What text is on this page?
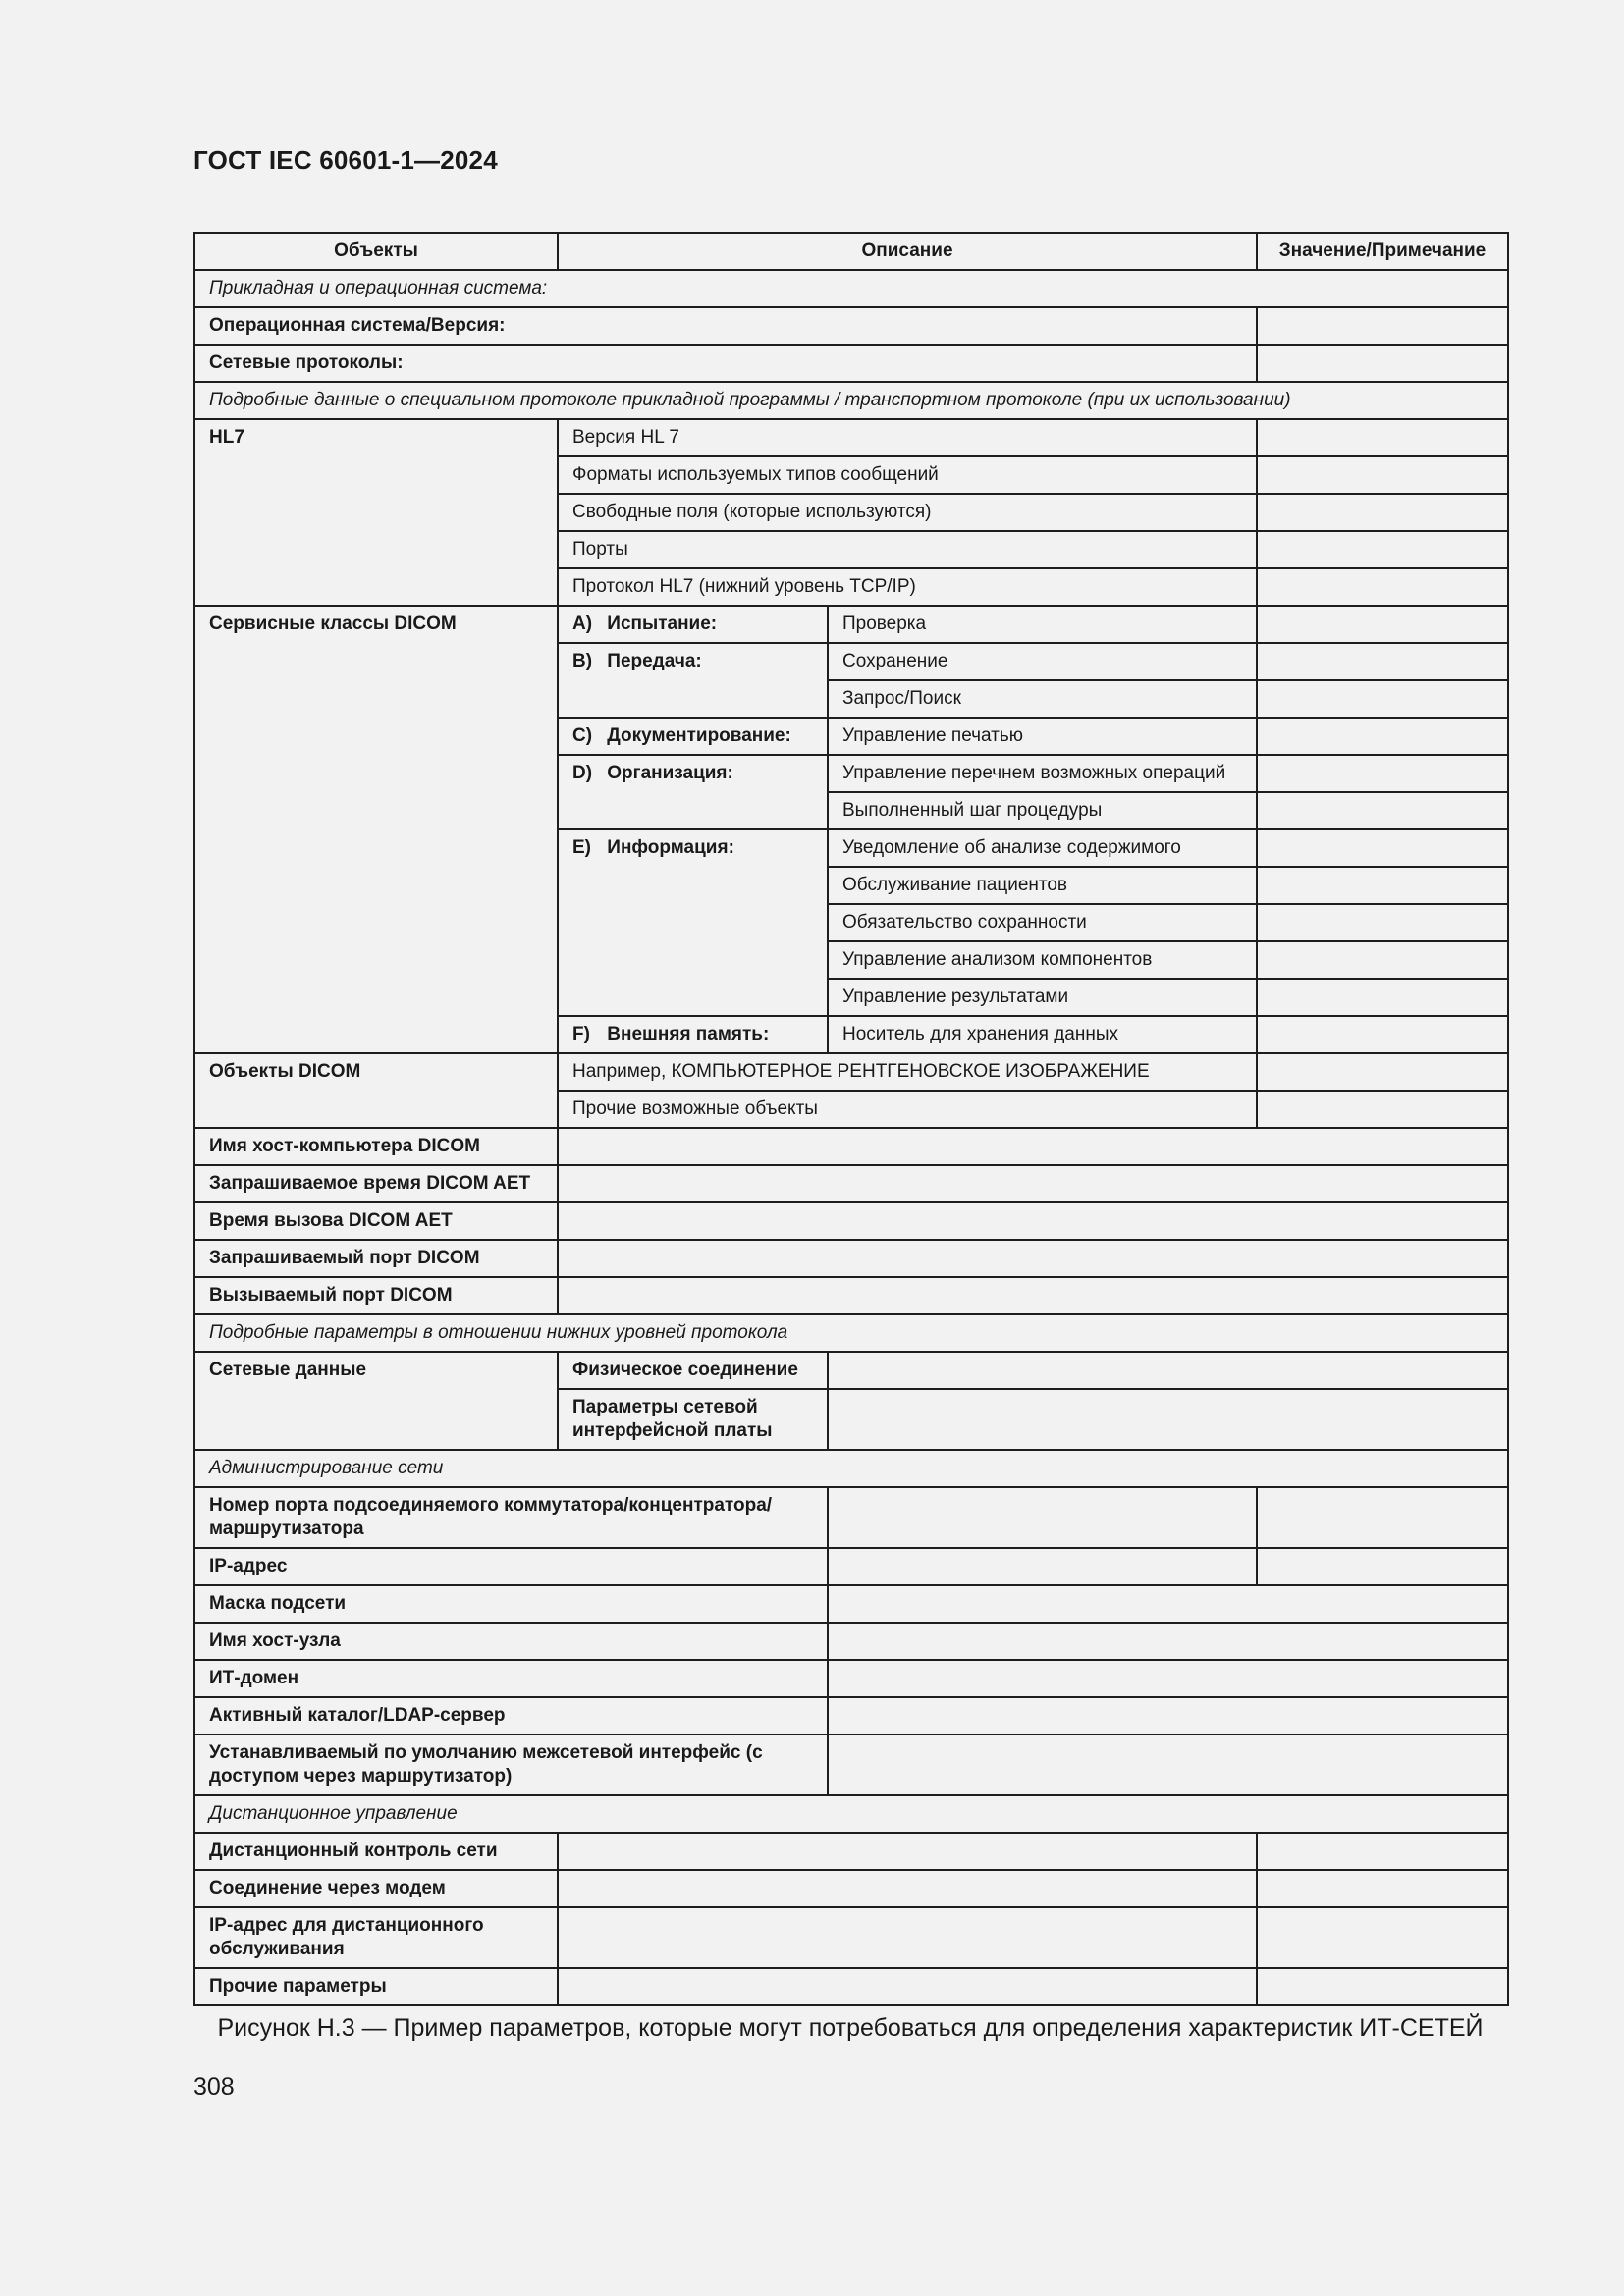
ГОСТ IEC 60601-1—2024
Объекты	Описание		Значение/Примечание
Прикладная и операционная система:			
Операционная система/Версия:			
Сетевые протоколы:			
Подробные данные о специальном протоколе прикладной программы / транспортном протоколе (при их использовании)			
HL7	Версия HL 7		
	Форматы используемых типов сообщений		
	Свободные поля (которые используются)		
	Порты		
	Протокол HL7 (нижний уровень TCP/IP)		
Сервисные классы DICOM	A) Испытание:	Проверка	
	B) Передача:	Сохранение	
		Запрос/Поиск	
	C) Документирование:	Управление печатью	
	D) Организация:	Управление перечнем возможных операций	
		Выполненный шаг процедуры	
	E) Информация:	Уведомление об анализе содержимого	
		Обслуживание пациентов	
		Обязательство сохранности	
		Управление анализом компонентов	
		Управление результатами	
	F) Внешняя память:	Носитель для хранения данных	
Объекты DICOM	Например, КОМПЬЮТЕРНОЕ РЕНТГЕНОВСКОЕ ИЗОБРАЖЕНИЕ		
	Прочие возможные объекты		
Имя хост-компьютера DICOM			
Запрашиваемое время DICOM AET			
Время вызова DICOM AET			
Запрашиваемый порт DICOM			
Вызываемый порт DICOM			
Подробные параметры в отношении нижних уровней протокола			
Сетевые данные	Физическое соединение		
	Параметры сетевой интерфейсной платы		
Администрирование сети			
Номер порта подсоединяемого коммутатора/концентратора/маршрутизатора			
IP-адрес			
Маска подсети			
Имя хост-узла			
ИТ-домен			
Активный каталог/LDAP-сервер			
Устанавливаемый по умолчанию межсетевой интерфейс (с доступом через маршрутизатор)			
Дистанционное управление			
Дистанционный контроль сети			
Соединение через модем			
IP-адрес для дистанционного обслуживания			
Прочие параметры			
Рисунок Н.3 — Пример параметров, которые могут потребоваться для определения характеристик ИТ-СЕТЕЙ
308
